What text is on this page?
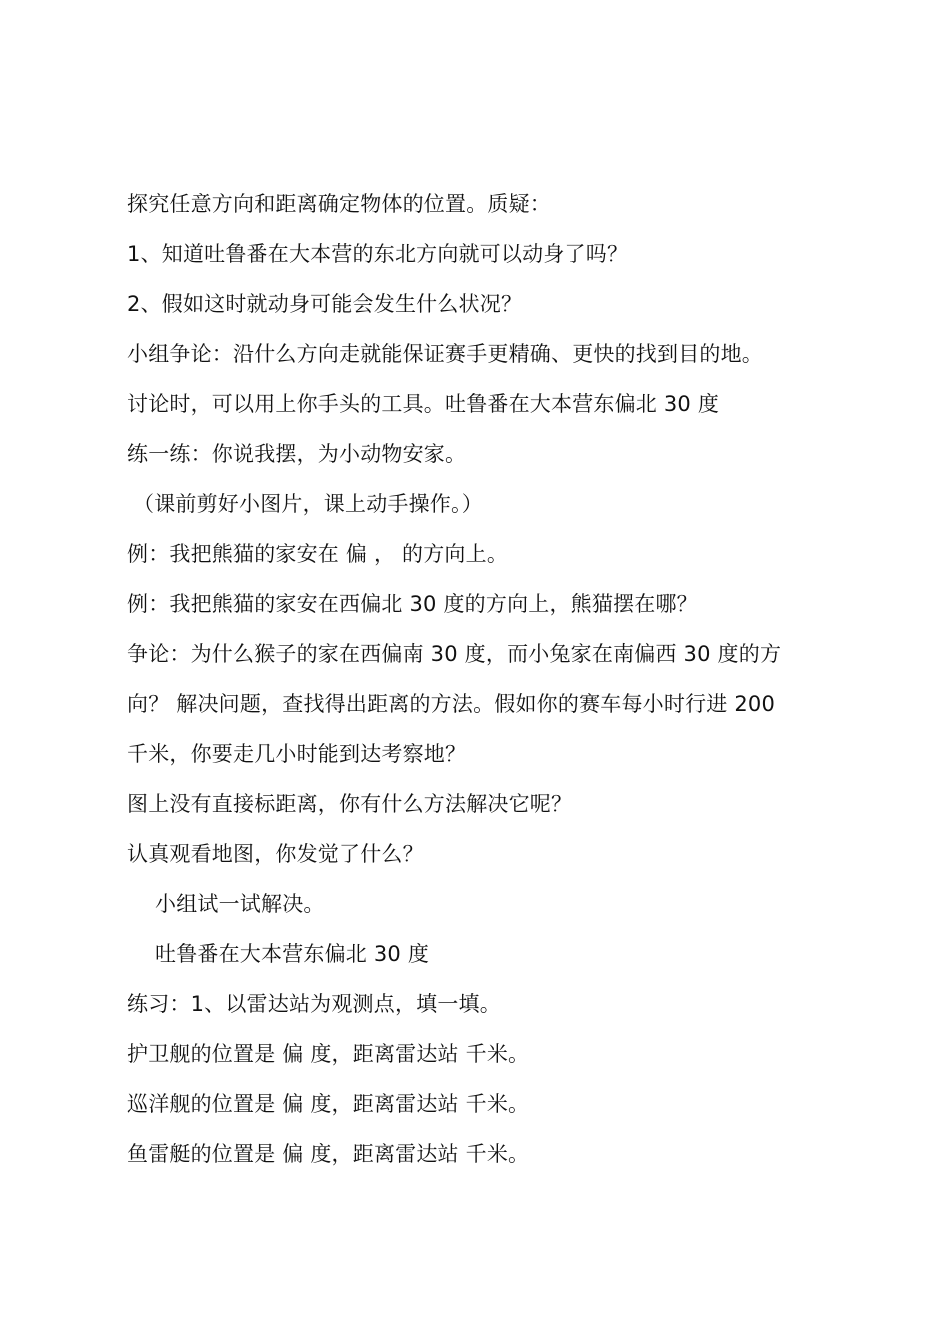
探究任意方向和距离确定物体的位置。质疑：
1、知道吐鲁番在大本营的东北方向就可以动身了吗？
2、假如这时就动身可能会发生什么状况？
小组争论：沿什么方向走就能保证赛手更精确、更快的找到目的地。
讨论时，可以用上你手头的工具。吐鲁番在大本营东偏北 30 度
练一练：你说我摆，为小动物安家。
（课前剪好小图片，课上动手操作。）
例：我把熊猫的家安在 偏 ， 的方向上。
例：我把熊猫的家安在西偏北 30 度的方向上，熊猫摆在哪？
争论：为什么猴子的家在西偏南 30 度，而小兔家在南偏西 30 度的方
向？ 解决问题，查找得出距离的方法。假如你的赛车每小时行进 200
千米，你要走几小时能到达考察地？
图上没有直接标距离，你有什么方法解决它呢？
认真观看地图，你发觉了什么？
小组试一试解决。
吐鲁番在大本营东偏北 30 度
练习：1、以雷达站为观测点，填一填。
护卫舰的位置是 偏 度，距离雷达站 千米。
巡洋舰的位置是 偏 度，距离雷达站 千米。
鱼雷艇的位置是 偏 度，距离雷达站 千米。
